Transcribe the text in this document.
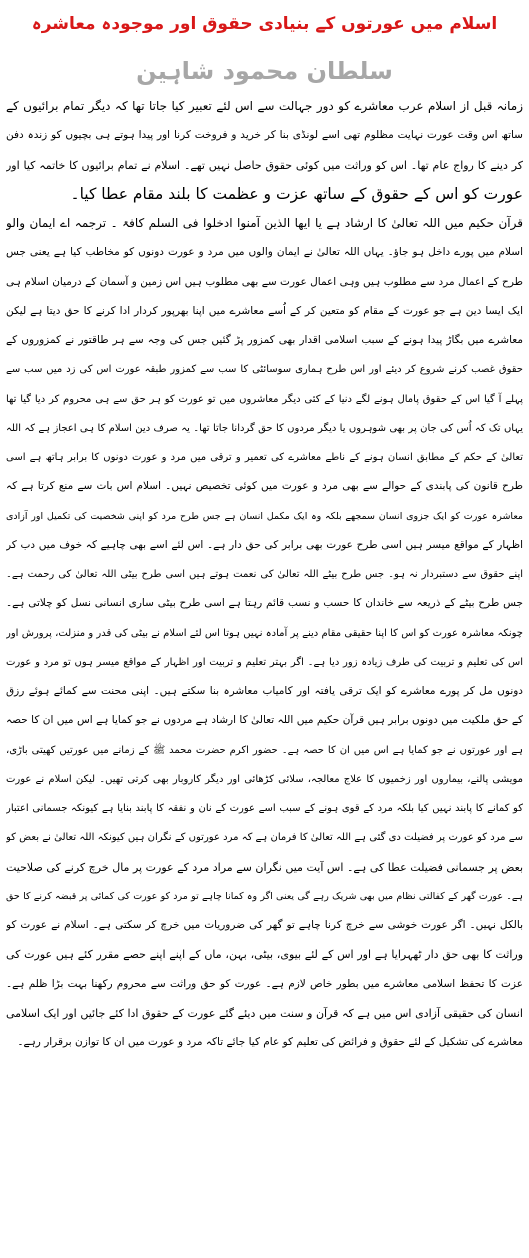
اسلام میں عورتوں کے بنیادی حقوق اور موجودہ معاشرہ
سلطان محمود شاہین
زمانہ قبل از اسلام عرب معاشرے کو دور جہالت سے اس لئے تعبیر کیا جاتا تھا کہ دیگر تمام برائیوں کے
ساتھ اس وقت عورت نہایت مظلوم تھی اسے لونڈی بنا کر خرید و فروخت کرنا اور پیدا ہوتے ہی بچیوں کو زندہ دفن
کر دینے کا رواج عام تھا۔ اس کو وراثت میں کوئی حقوق حاصل نہیں تھے۔ اسلام نے تمام برائیوں کا خاتمہ کیا اور
عورت کو اس کے حقوق کے ساتھ عزت و عظمت کا بلند مقام عطا کیا۔
قرآن حکیم میں اللہ تعالیٰ کا ارشاد ہے یا ایھا الذین آمنوا ادخلوا فی السلم کافۃ ۔ ترجمہ اے ایمان والو
اسلام میں پورے داخل ہو جاؤ۔ یہاں اللہ تعالیٰ نے ایمان والوں میں مرد و عورت دونوں کو مخاطب کیا ہے یعنی جس
طرح کے اعمال مرد سے مطلوب ہیں وہی اعمال عورت سے بھی مطلوب ہیں اس زمین و آسمان کے درمیان اسلام ہی
ایک ایسا دین ہے جو عورت کے مقام کو متعین کر کے اُسے معاشرے میں اپنا بھرپور کردار ادا کرنے کا حق دیتا ہے لیکن
معاشرے میں بگاڑ پیدا ہونے کے سبب اسلامی اقدار بھی کمزور پڑ گئیں جس کی وجہ سے ہر طاقتور نے کمزوروں کے
حقوق غصب کرنے شروع کر دیئے اور اس طرح ہماری سوسائٹی کا سب سے کمزور طبقہ عورت اس کی زد میں سب سے
پہلے آ گیا اس کے حقوق پامال ہونے لگے دنیا کے کئی دیگر معاشروں میں تو عورت کو ہر حق سے ہی محروم کر دیا گیا تھا
یہاں تک کہ اُس کی جان پر بھی شوہروں یا دیگر مردوں کا حق گردانا جاتا تھا۔ یہ صرف دین اسلام کا ہی اعجاز ہے کہ اللہ
تعالیٰ کے حکم کے مطابق انسان ہونے کے ناطے معاشرے کی تعمیر و ترقی میں مرد و عورت دونوں کا برابر ہاتھ ہے اسی
طرح قانون کی پابندی کے حوالے سے بھی مرد و عورت میں کوئی تخصیص نہیں۔ اسلام اس بات سے منع کرتا ہے کہ
معاشرہ عورت کو ایک جزوی انسان سمجھے بلکہ وہ ایک مکمل انسان ہے جس طرح مرد کو اپنی شخصیت کی تکمیل اور آزادی
اظہار کے مواقع میسر ہیں اسی طرح عورت بھی برابر کی حق دار ہے۔ اس لئے اسے بھی چاہیے کہ خوف میں دب کر
اپنے حقوق سے دستبردار نہ ہو۔ جس طرح بیٹے اللہ تعالیٰ کی نعمت ہوتے ہیں اسی طرح بیٹی اللہ تعالیٰ کی رحمت ہے۔
جس طرح بیٹے کے ذریعہ سے خاندان کا حسب و نسب قائم رہتا ہے اسی طرح بیٹی ساری انسانی نسل کو چلاتی ہے۔
چونکہ معاشرہ عورت کو اس کا اپنا حقیقی مقام دینے پر آمادہ نہیں ہوتا اس لئے اسلام نے بیٹی کی قدر و منزلت، پرورش اور
اس کی تعلیم و تربیت کی طرف زیادہ زور دیا ہے۔ اگر بہتر تعلیم و تربیت اور اظہار کے مواقع میسر ہوں تو مرد و عورت
دونوں مل کر پورے معاشرے کو ایک ترقی یافتہ اور کامیاب معاشرہ بنا سکتے ہیں۔ اپنی محنت سے کمائے ہوئے رزق
کے حق ملکیت میں دونوں برابر ہیں قرآن حکیم میں اللہ تعالیٰ کا ارشاد ہے مردوں نے جو کمایا ہے اس میں ان کا حصہ
ہے اور عورتوں نے جو کمایا ہے اس میں ان کا حصہ ہے۔ حضور اکرم حضرت محمد ﷺ کے زمانے میں عورتیں کھیتی باڑی،
مویشی پالنے، بیماروں اور زخمیوں کا علاج معالجہ، سلائی کڑھائی اور دیگر کاروبار بھی کرتی تھیں۔ لیکن اسلام نے عورت
کو کمانے کا پابند نہیں کیا بلکہ مرد کے قوی ہونے کے سبب اسے عورت کے نان و نفقہ کا پابند بنایا ہے کیونکہ جسمانی اعتبار
سے مرد کو عورت پر فضیلت دی گئی ہے اللہ تعالیٰ کا فرمان ہے کہ مرد عورتوں کے نگران ہیں کیونکہ اللہ تعالیٰ نے بعض کو
بعض پر جسمانی فضیلت عطا کی ہے۔ اس آیت میں نگران سے مراد مرد کے عورت پر مال خرچ کرنے کی صلاحیت
ہے۔ عورت گھر کے کفالتی نظام میں بھی شریک رہے گی یعنی اگر وہ کمانا چاہے تو مرد کو عورت کی کمائی پر قبضہ کرنے کا حق
بالکل نہیں۔ اگر عورت خوشی سے خرچ کرنا چاہے تو گھر کی ضروریات میں خرچ کر سکتی ہے۔ اسلام نے عورت کو
وراثت کا بھی حق دار ٹھہرایا ہے اور اس کے لئے بیوی، بیٹی، بہن، ماں کے اپنے اپنے حصے مقرر کئے ہیں عورت کی
عزت کا تحفظ اسلامی معاشرے میں بطور خاص لازم ہے۔ عورت کو حق وراثت سے محروم رکھنا بہت بڑا ظلم ہے۔
انسان کی حقیقی آزادی اس میں ہے کہ قرآن و سنت میں دیئے گئے عورت کے حقوق ادا کئے جائیں اور ایک اسلامی
معاشرے کی تشکیل کے لئے حقوق و فرائض کی تعلیم کو عام کیا جائے تاکہ مرد و عورت میں ان کا توازن برقرار رہے۔
